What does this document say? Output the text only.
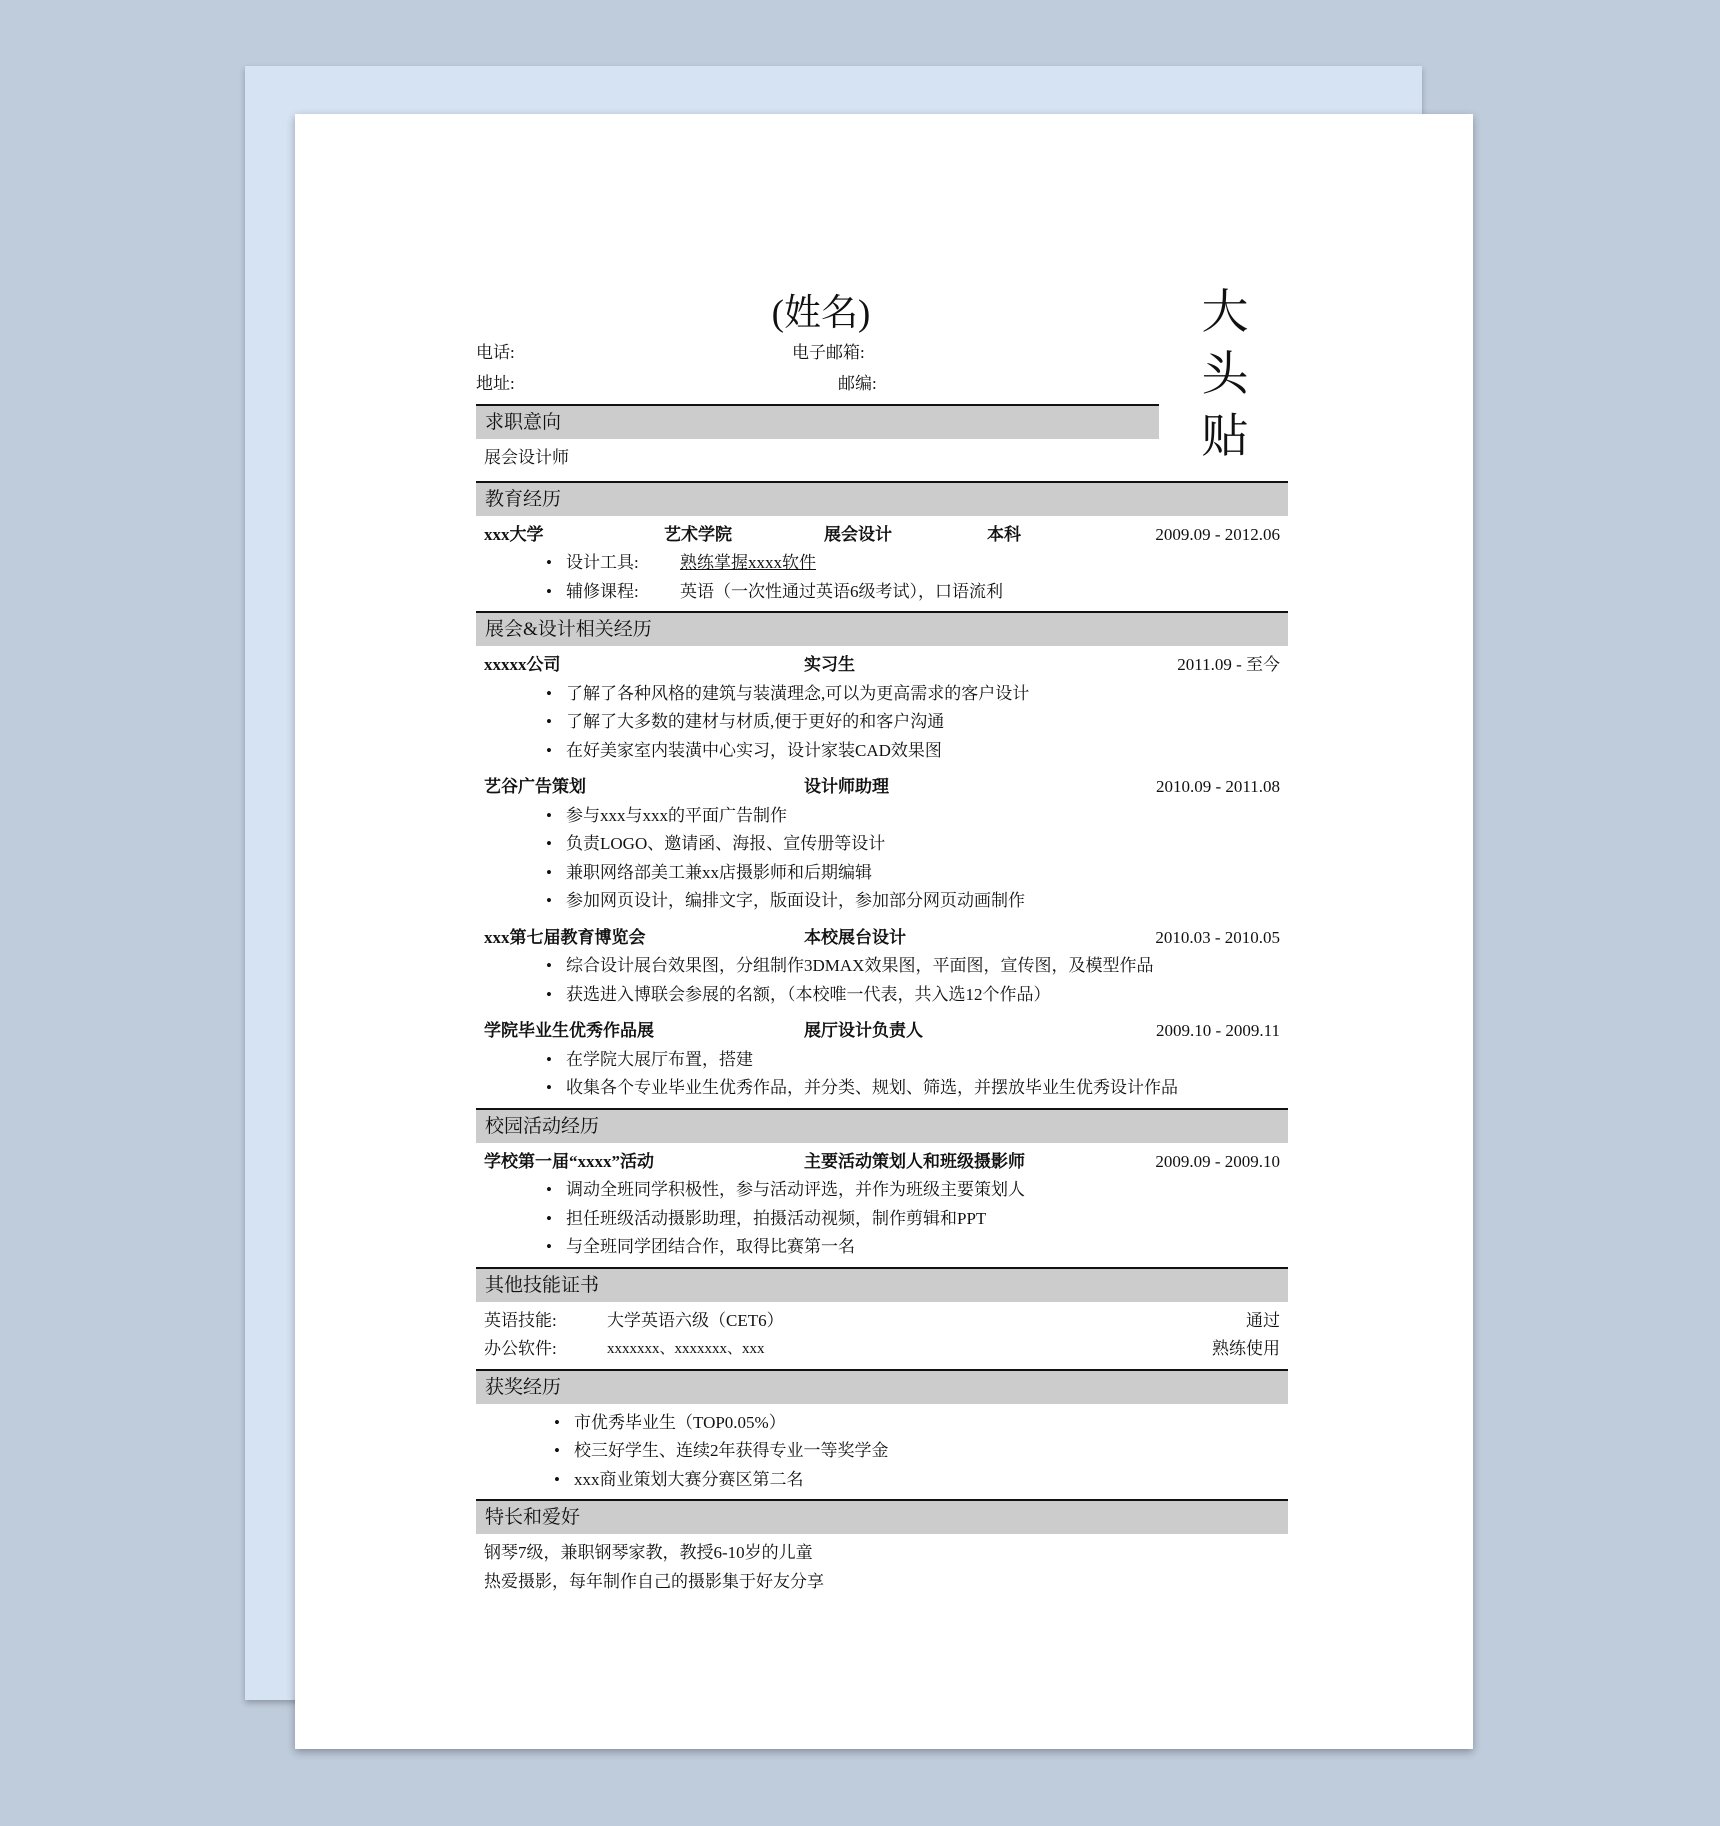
(姓名)	大
头
贴
电话:	电子邮箱:
地址:	邮编:
求职意向
展会设计师
教育经历
xxx大学	艺术学院	展会设计	本科	2009.09 - 2012.06
• 设计工具: 熟练掌握xxxx软件
• 辅修课程: 英语（一次性通过英语6级考试），口语流利
展会&设计相关经历
xxxxx公司	实习生	2011.09 - 至今
• 了解了各种风格的建筑与装潢理念,可以为更高需求的客户设计
• 了解了大多数的建材与材质,便于更好的和客户沟通
• 在好美家室内装潢中心实习，设计家装CAD效果图
艺谷广告策划	设计师助理	2010.09 - 2011.08
• 参与xxx与xxx的平面广告制作
• 负责LOGO、邀请函、海报、宣传册等设计
• 兼职网络部美工兼xx店摄影师和后期编辑
• 参加网页设计，编排文字，版面设计，参加部分网页动画制作
xxx第七届教育博览会	本校展台设计	2010.03 - 2010.05
• 综合设计展台效果图，分组制作3DMAX效果图，平面图，宣传图，及模型作品
• 获选进入博联会参展的名额，（本校唯一代表，共入选12个作品）
学院毕业生优秀作品展	展厅设计负责人	2009.10 - 2009.11
• 在学院大展厅布置，搭建
• 收集各个专业毕业生优秀作品，并分类、规划、筛选，并摆放毕业生优秀设计作品
校园活动经历
学校第一届“xxxx”活动	主要活动策划人和班级摄影师	2009.09 - 2009.10
• 调动全班同学积极性，参与活动评选，并作为班级主要策划人
• 担任班级活动摄影助理，拍摄活动视频，制作剪辑和PPT
• 与全班同学团结合作，取得比赛第一名
其他技能证书
英语技能:	大学英语六级（CET6）	通过
办公软件:	xxxxxxx、xxxxxxx、xxx	熟练使用
获奖经历
• 市优秀毕业生（TOP0.05%）
• 校三好学生、连续2年获得专业一等奖学金
• xxx商业策划大赛分赛区第二名
特长和爱好
钢琴7级，兼职钢琴家教，教授6-10岁的儿童
热爱摄影，每年制作自己的摄影集于好友分享
